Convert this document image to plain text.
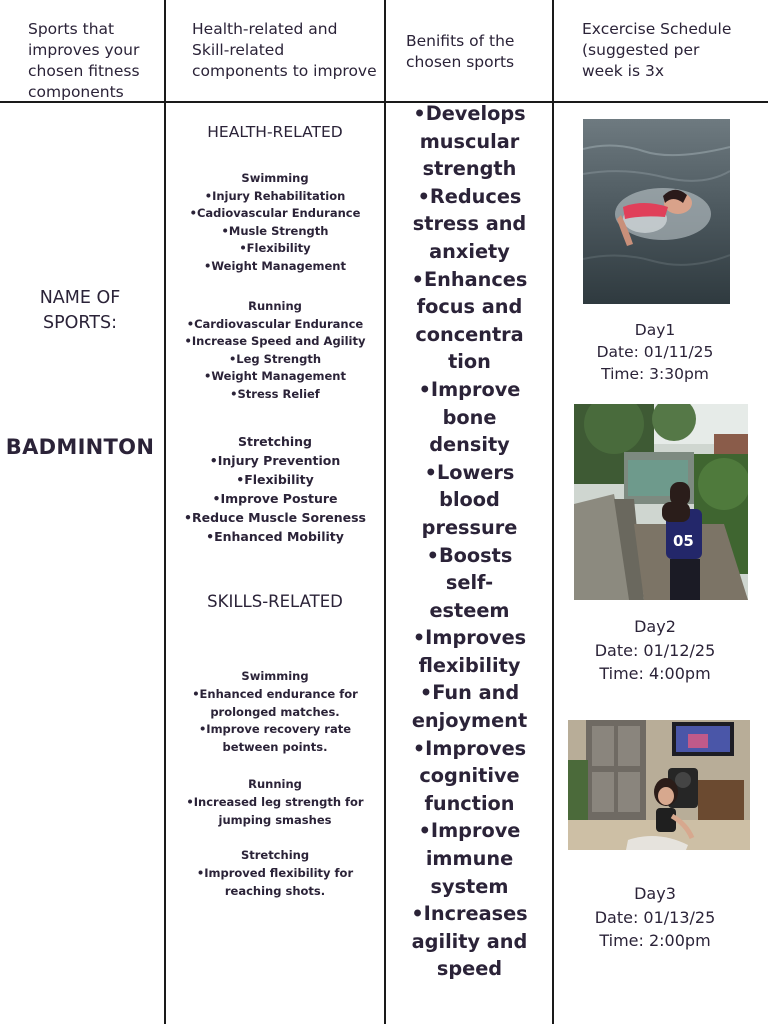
Sports that
improves your
chosen fitness
components
Health-related and
Skill-related
components to improve
Benifits of the
chosen sports
Excercise Schedule
(suggested per
week is 3x
NAME OF
SPORTS:
BADMINTON
HEALTH-RELATED
Swimming
•Injury Rehabilitation
•Cadiovascular Endurance
•Musle Strength
•Flexibility
•Weight Management
Running
•Cardiovascular Endurance
•Increase Speed and Agility
•Leg Strength
•Weight Management
•Stress Relief
Stretching
•Injury Prevention
•Flexibility
•Improve Posture
•Reduce Muscle Soreness
•Enhanced Mobility
SKILLS-RELATED
Swimming
•Enhanced endurance for
prolonged matches.
•Improve recovery rate
between points.
Running
•Increased leg strength for
jumping smashes
Stretching
•Improved flexibility for
reaching shots.
•Develops
muscular
strength
•Reduces
stress and
anxiety
•Enhances
focus and
concentra
tion
•Improve
bone
density
•Lowers
blood
pressure
•Boosts
self-
esteem
•Improves
flexibility
•Fun and
enjoyment
•Improves
cognitive
function
•Improve
immune
system
•Increases
agility and
speed
Day1
Date: 01/11/25
Time: 3:30pm
05
Day2
Date: 01/12/25
Time: 4:00pm
Day3
Date: 01/13/25
Time: 2:00pm
